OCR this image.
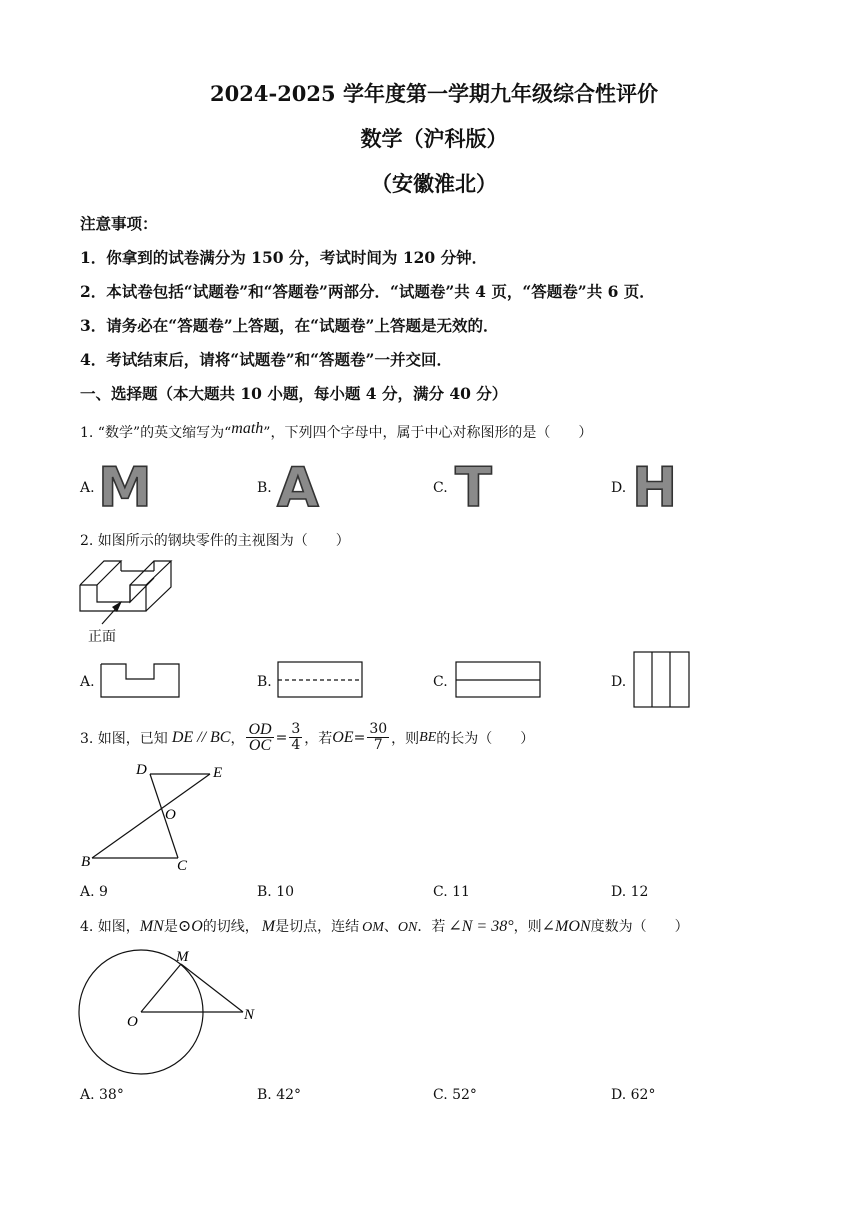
2024-2025 学年度第一学期九年级综合性评价
数学（沪科版）
（安徽淮北）
注意事项：
1．你拿到的试卷满分为 150 分，考试时间为 120 分钟．
2．本试卷包括“试题卷”和“答题卷”两部分．“试题卷”共 4 页，“答题卷”共 6 页．
3．请务必在“答题卷”上答题，在“试题卷”上答题是无效的．
4．考试结束后，请将“试题卷”和“答题卷”一并交回．
一、选择题（本大题共 10 小题，每小题 4 分，满分 40 分）
1. “数学”的英文缩写为“math”，下列四个字母中，属于中心对称图形的是（　　）
A. M	B. A	C. T	D. H
2. 如图所示的钢块零件的主视图为（　　）
正面
A.	B.	C.	D.
3. 如图，已知 DE // BC ， $\frac{OD}{OC} = \frac{3}{4}$ ，若 OE = $\frac{30}{7}$ ，则 BE 的长为（　　）
D	E
O
B	C
A. 9	B. 10	C. 11	D. 12
4. 如图，MN是⊙O的切线， M是切点，连结 OM、ON．若 ∠N = 38°，则∠MON度数为（　　）
M
O	N
A. 38°	B. 42°	C. 52°	D. 62°
